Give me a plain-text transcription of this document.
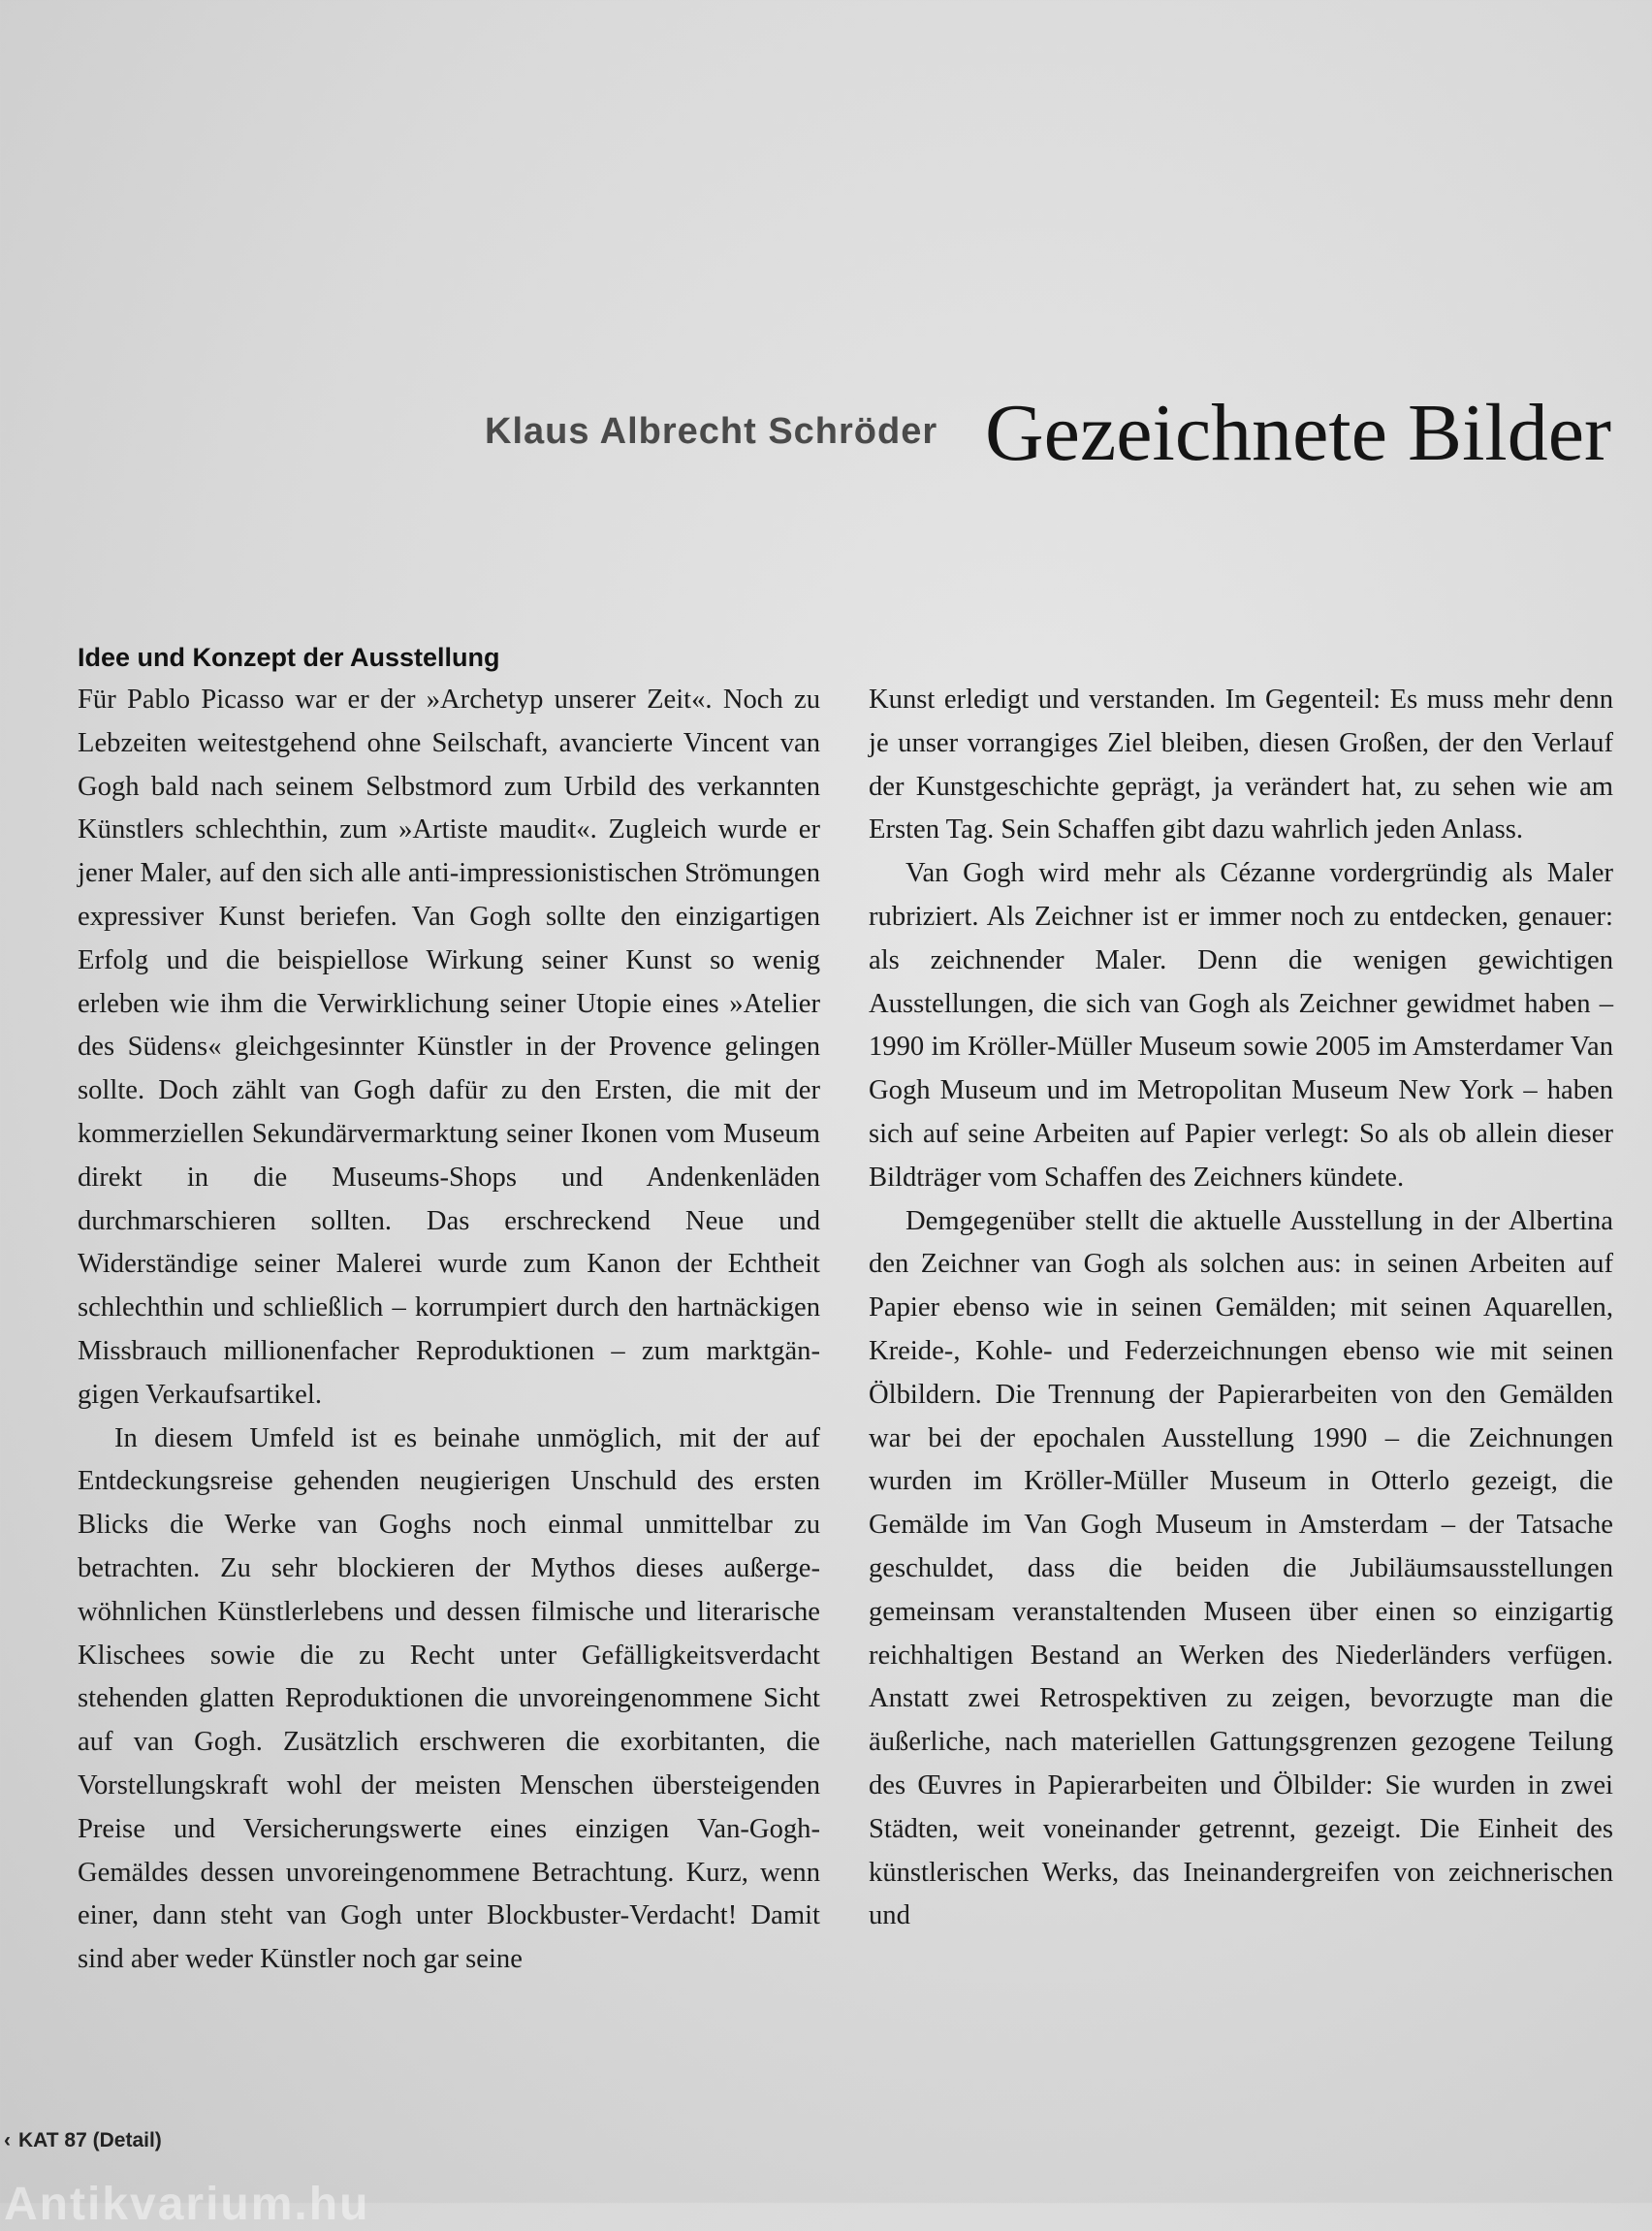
Klaus Albrecht Schröder Gezeichnete Bilder
Idee und Konzept der Ausstellung

Für Pablo Picasso war er der »Archetyp unserer Zeit«. Noch zu Lebzeiten weitestgehend ohne Seilschaft, avancierte Vincent van Gogh bald nach seinem Selbstmord zum Urbild des verkannten Künstlers schlechthin, zum »Artiste maudit«. Zugleich wurde er jener Maler, auf den sich alle anti-impressionistischen Strömungen expressiver Kunst beriefen. Van Gogh sollte den einzigartigen Erfolg und die beispiellose Wirkung seiner Kunst so wenig erleben wie ihm die Verwirklichung seiner Utopie eines »Atelier des Südens« gleichgesinnter Künstler in der Provence gelingen sollte. Doch zählt van Gogh dafür zu den Ersten, die mit der kommerziellen Sekundärvermarktung seiner Ikonen vom Museum direkt in die Museums-Shops und Andenkenläden durchmarschieren sollten. Das erschreckend Neue und Widerständige seiner Malerei wurde zum Kanon der Echtheit schlechthin und schließlich – korrumpiert durch den hartnäckigen Missbrauch millionenfacher Reproduktionen – zum marktgängigen Verkaufsartikel.

In diesem Umfeld ist es beinahe unmöglich, mit der auf Entdeckungsreise gehenden neugierigen Unschuld des ersten Blicks die Werke van Goghs noch einmal unmittelbar zu betrachten. Zu sehr blockieren der Mythos dieses außergewöhnlichen Künstlerlebens und dessen filmische und literarische Klischees sowie die zu Recht unter Gefälligkeitsverdacht stehenden glatten Reproduktionen die unvoreingenommene Sicht auf van Gogh. Zusätzlich erschweren die exorbitanten, die Vorstellungskraft wohl der meisten Menschen übersteigenden Preise und Versicherungswerte eines einzigen Van-Gogh-Gemäldes dessen unvoreingenommene Betrachtung. Kurz, wenn einer, dann steht van Gogh unter Blockbuster-Verdacht! Damit sind aber weder Künstler noch gar seine

Kunst erledigt und verstanden. Im Gegenteil: Es muss mehr denn je unser vorrangiges Ziel bleiben, diesen Großen, der den Verlauf der Kunstgeschichte geprägt, ja verändert hat, zu sehen wie am Ersten Tag. Sein Schaffen gibt dazu wahrlich jeden Anlass.

Van Gogh wird mehr als Cézanne vordergründig als Maler rubriziert. Als Zeichner ist er immer noch zu entdecken, genauer: als zeichnender Maler. Denn die wenigen gewichtigen Ausstellungen, die sich van Gogh als Zeichner gewidmet haben – 1990 im Kröller-Müller Museum sowie 2005 im Amsterdamer Van Gogh Museum und im Metropolitan Museum New York – haben sich auf seine Arbeiten auf Papier verlegt: So als ob allein dieser Bildträger vom Schaffen des Zeichners kündete.

Demgegenüber stellt die aktuelle Ausstellung in der Albertina den Zeichner van Gogh als solchen aus: in seinen Arbeiten auf Papier ebenso wie in seinen Gemälden; mit seinen Aquarellen, Kreide-, Kohle- und Federzeichnungen ebenso wie mit seinen Ölbildern. Die Trennung der Papierarbeiten von den Gemälden war bei der epochalen Ausstellung 1990 – die Zeichnungen wurden im Kröller-Müller Museum in Otterlo gezeigt, die Gemälde im Van Gogh Museum in Amsterdam – der Tatsache geschuldet, dass die beiden die Jubiläumsausstellungen gemeinsam veranstaltenden Museen über einen so einzigartig reichhaltigen Bestand an Werken des Niederländers verfügen. Anstatt zwei Retrospektiven zu zeigen, bevorzugte man die äußerliche, nach materiellen Gattungsgrenzen gezogene Teilung des Œuvres in Papierarbeiten und Ölbilder: Sie wurden in zwei Städten, weit voneinander getrennt, gezeigt. Die Einheit des künstlerischen Werks, das Ineinandergreifen von zeichnerischen und

‹ KAT 87 (Detail)
Antikvarium.hu
